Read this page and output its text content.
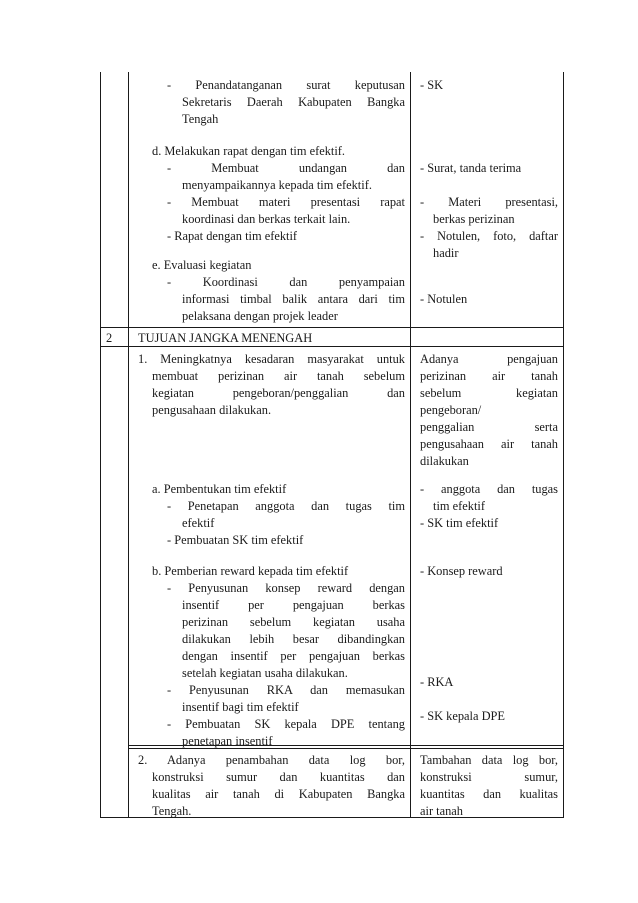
2 TUJUAN JANGKA MENENGAH
- Penandatanganan surat keputusan
Sekretaris Daerah Kabupaten Bangka
Tengah
d. Melakukan rapat dengan tim efektif.
- Membuat undangan dan
menyampaikannya kepada tim efektif.
- Membuat materi presentasi rapat
koordinasi dan berkas terkait lain.
- Rapat dengan tim efektif
e. Evaluasi kegiatan
- Koordinasi dan penyampaian
informasi timbal balik antara dari tim
pelaksana dengan projek leader
- SK
- Surat, tanda terima
- Materi presentasi,
berkas perizinan
- Notulen, foto, daftar
hadir
- Notulen
1. Meningkatnya kesadaran masyarakat untuk
membuat perizinan air tanah sebelum
kegiatan pengeboran/penggalian dan
pengusahaan dilakukan.
a. Pembentukan tim efektif
- Penetapan anggota dan tugas tim
efektif
- Pembuatan SK tim efektif
b. Pemberian reward kepada tim efektif
- Penyusunan konsep reward dengan
insentif per pengajuan berkas
perizinan sebelum kegiatan usaha
dilakukan lebih besar dibandingkan
dengan insentif per pengajuan berkas
setelah kegiatan usaha dilakukan.
- Penyusunan RKA dan memasukan
insentif bagi tim efektif
- Pembuatan SK kepala DPE tentang
penetapan insentif
Adanya pengajuan
perizinan air tanah
sebelum kegiatan
pengeboran/
penggalian serta
pengusahaan air tanah
dilakukan
- anggota dan tugas
tim efektif
- SK tim efektif
- Konsep reward
- RKA
- SK kepala DPE
2. Adanya penambahan data log bor,
konstruksi sumur dan kuantitas dan
kualitas air tanah di Kabupaten Bangka
Tengah.
Tambahan data log bor,
konstruksi sumur,
kuantitas dan kualitas
air tanah
